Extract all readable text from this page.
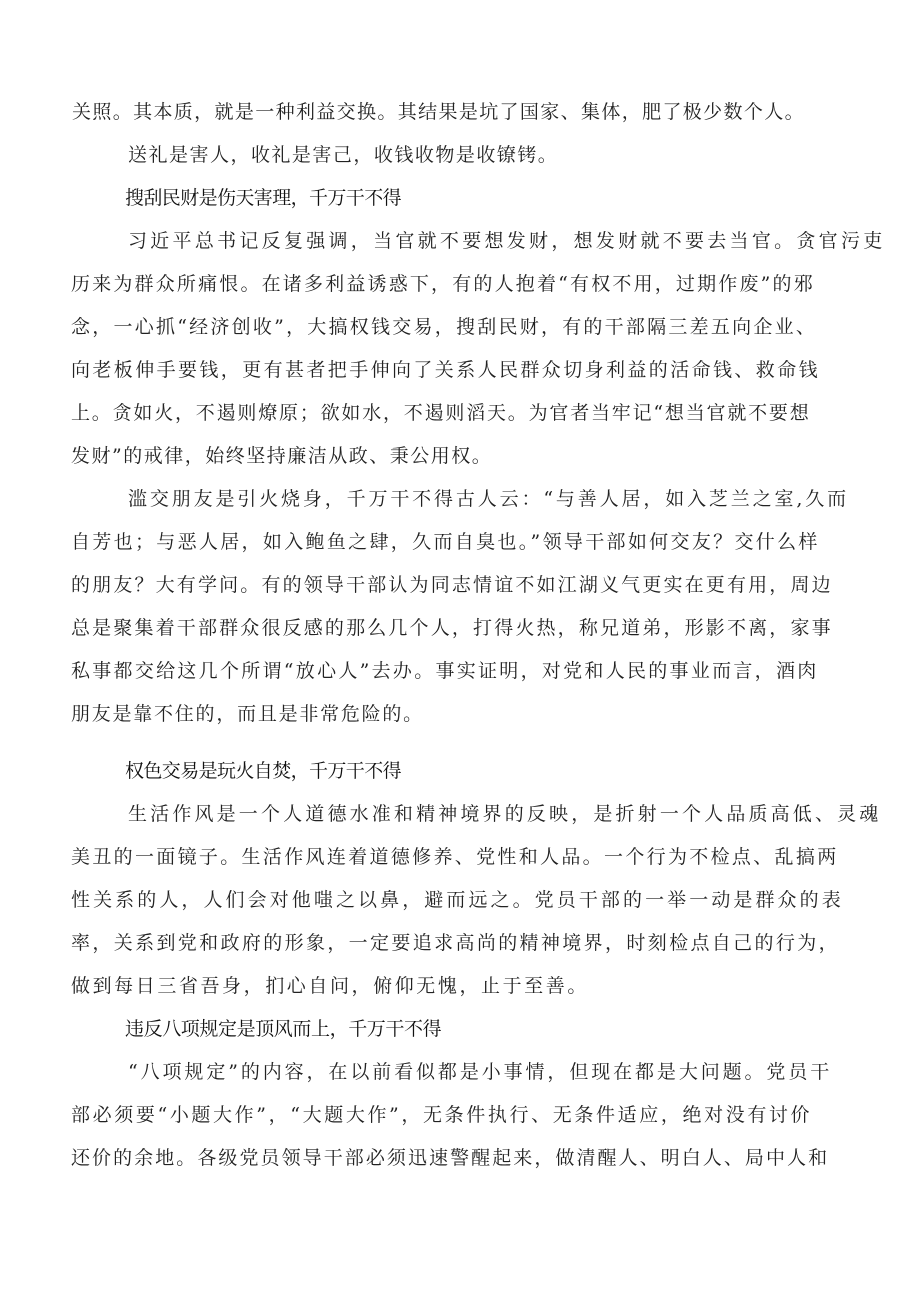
关照。其本质，就是一种利益交换。其结果是坑了国家、集体，肥了极少数个人。
送礼是害人，收礼是害己，收钱收物是收镣铐。
搜刮民财是伤天害理，千万干不得
习近平总书记反复强调，当官就不要想发财，想发财就不要去当官。贪官污吏
历来为群众所痛恨。在诸多利益诱惑下，有的人抱着“有权不用，过期作废”的邪
念，一心抓“经济创收”，大搞权钱交易，搜刮民财，有的干部隔三差五向企业、
向老板伸手要钱，更有甚者把手伸向了关系人民群众切身利益的活命钱、救命钱
上。贪如火，不遏则燎原；欲如水，不遏则滔天。为官者当牢记“想当官就不要想
发财”的戒律，始终坚持廉洁从政、秉公用权。
滥交朋友是引火烧身，千万干不得古人云：“与善人居，如入芝兰之室,久而
自芳也；与恶人居，如入鲍鱼之肆，久而自臭也。”领导干部如何交友？交什么样
的朋友？大有学问。有的领导干部认为同志情谊不如江湖义气更实在更有用，周边
总是聚集着干部群众很反感的那么几个人，打得火热，称兄道弟，形影不离，家事
私事都交给这几个所谓“放心人”去办。事实证明，对党和人民的事业而言，酒肉
朋友是靠不住的，而且是非常危险的。
权色交易是玩火自焚，千万干不得
生活作风是一个人道德水准和精神境界的反映，是折射一个人品质高低、灵魂
美丑的一面镜子。生活作风连着道德修养、党性和人品。一个行为不检点、乱搞两
性关系的人，人们会对他嗤之以鼻，避而远之。党员干部的一举一动是群众的表
率，关系到党和政府的形象，一定要追求高尚的精神境界，时刻检点自己的行为，
做到每日三省吾身，扪心自问，俯仰无愧，止于至善。
违反八项规定是顶风而上，千万干不得
“八项规定”的内容，在以前看似都是小事情，但现在都是大问题。党员干
部必须要“小题大作”，“大题大作”，无条件执行、无条件适应，绝对没有讨价
还价的余地。各级党员领导干部必须迅速警醒起来，做清醒人、明白人、局中人和
